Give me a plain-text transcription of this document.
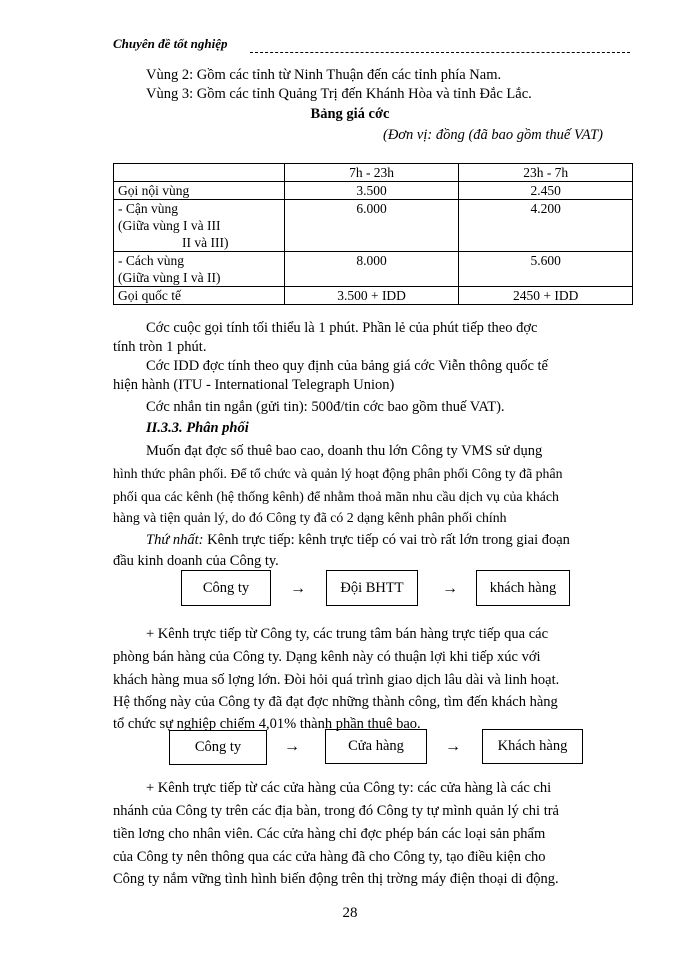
Chuyên đề tốt nghiệp
Vùng 2: Gồm các tỉnh từ Ninh Thuận đến các tỉnh phía Nam.
Vùng 3: Gồm các tỉnh Quảng Trị đến Khánh Hòa và tỉnh Đắc Lắc.
Bảng giá cớc
(Đơn vị: đồng (đã bao gồm thuế VAT)
	7h - 23h	23h - 7h

Gọi nội vùng	3.500	2.450

- Cận vùng
(Giữa vùng I và III
II và III)	6.000	4.200

- Cách vùng
(Giữa vùng I và II)	8.000	5.600

Gọi quốc tế	3.500 + IDD	2450 + IDD
Cớc cuộc gọi tính tối thiểu là 1 phút. Phần lẻ của phút tiếp theo đợc
tính tròn 1 phút.
Cớc IDD đợc tính theo quy định của bảng giá cớc Viễn thông quốc tế
hiện hành (ITU - International Telegraph Union)
Cớc nhắn tin ngắn (gửi tin): 500đ/tin cớc bao gồm thuế VAT).
II.3.3. Phân phối
Muốn đạt đợc số thuê bao cao, doanh thu lớn Công ty VMS sử dụng
hình thức phân phối. Để tổ chức và quản lý hoạt động phân phối Công ty đã phân
phối qua các kênh (hệ thống kênh) để nhằm thoả mãn nhu cầu dịch vụ của khách
hàng và tiện quản lý, do đó Công ty đã có 2 dạng kênh phân phối chính
Thứ nhất: Kênh trực tiếp: kênh trực tiếp có vai trò rất lớn trong giai đoạn
đầu kinh doanh của Công ty.
Công ty	→	Đội BHTT	→	khách hàng
+ Kênh trực tiếp từ Công ty, các trung tâm bán hàng trực tiếp qua các
phòng bán hàng của Công ty. Dạng kênh này có thuận lợi khi tiếp xúc với
khách hàng mua số lợng lớn. Đòi hỏi quá trình giao dịch lâu dài và linh hoạt.
Hệ thống này của Công ty đã đạt đợc những thành công, tìm đến khách hàng
tổ chức sự nghiệp chiếm 4,01% thành phần thuê bao.
Công ty	→	Cửa hàng	→	Khách hàng
+ Kênh trực tiếp từ các cửa hàng của Công ty: các cửa hàng là các chi
nhánh của Công ty trên các địa bàn, trong đó Công ty tự mình quản lý chi trả
tiền lơng cho nhân viên. Các cửa hàng chỉ đợc phép bán các loại sản phẩm
của Công ty nên thông qua các cửa hàng đã cho Công ty, tạo điều kiện cho
Công ty nắm vững tình hình biến động trên thị trờng máy điện thoại di động.
28
